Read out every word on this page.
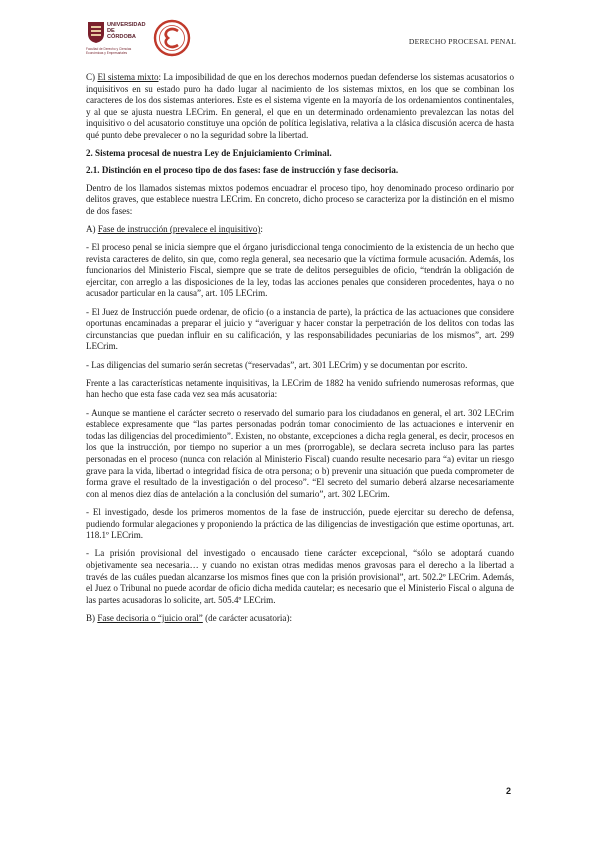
UNIVERSIDAD
DE
CÓRDOBA
Facultad de Derecho y Ciencias Económicas y Empresariales
DERECHO PROCESAL PENAL

C) El sistema mixto: La imposibilidad de que en los derechos modernos puedan defenderse los sistemas acusatorios o inquisitivos en su estado puro ha dado lugar al nacimiento de los sistemas mixtos, en los que se combinan los caracteres de los dos sistemas anteriores. Este es el sistema vigente en la mayoría de los ordenamientos continentales, y al que se ajusta nuestra LECrim. En general, el que en un determinado ordenamiento prevalezcan las notas del inquisitivo o del acusatorio constituye una opción de política legislativa, relativa a la clásica discusión acerca de hasta qué punto debe prevalecer o no la seguridad sobre la libertad.

2. Sistema procesal de nuestra Ley de Enjuiciamiento Criminal.

2.1. Distinción en el proceso tipo de dos fases: fase de instrucción y fase decisoria.

Dentro de los llamados sistemas mixtos podemos encuadrar el proceso tipo, hoy denominado proceso ordinario por delitos graves, que establece nuestra LECrim. En concreto, dicho proceso se caracteriza por la distinción en el mismo de dos fases:

A) Fase de instrucción (prevalece el inquisitivo):

- El proceso penal se inicia siempre que el órgano jurisdiccional tenga conocimiento de la existencia de un hecho que revista caracteres de delito, sin que, como regla general, sea necesario que la víctima formule acusación. Además, los funcionarios del Ministerio Fiscal, siempre que se trate de delitos perseguibles de oficio, “tendrán la obligación de ejercitar, con arreglo a las disposiciones de la ley, todas las acciones penales que consideren procedentes, haya o no acusador particular en la causa”, art. 105 LECrim.

- El Juez de Instrucción puede ordenar, de oficio (o a instancia de parte), la práctica de las actuaciones que considere oportunas encaminadas a preparar el juicio y “averiguar y hacer constar la perpetración de los delitos con todas las circunstancias que puedan influir en su calificación, y las responsabilidades pecuniarias de los mismos”, art. 299 LECrim.

- Las diligencias del sumario serán secretas (“reservadas”, art. 301 LECrim) y se documentan por escrito.

Frente a las características netamente inquisitivas, la LECrim de 1882 ha venido sufriendo numerosas reformas, que han hecho que esta fase cada vez sea más acusatoria:

- Aunque se mantiene el carácter secreto o reservado del sumario para los ciudadanos en general, el art. 302 LECrim establece expresamente que “las partes personadas podrán tomar conocimiento de las actuaciones e intervenir en todas las diligencias del procedimiento”. Existen, no obstante, excepciones a dicha regla general, es decir, procesos en los que la instrucción, por tiempo no superior a un mes (prorrogable), se declara secreta incluso para las partes personadas en el proceso (nunca con relación al Ministerio Fiscal) cuando resulte necesario para “a) evitar un riesgo grave para la vida, libertad o integridad física de otra persona; o b) prevenir una situación que pueda comprometer de forma grave el resultado de la investigación o del proceso”. “El secreto del sumario deberá alzarse necesariamente con al menos diez días de antelación a la conclusión del sumario”, art. 302 LECrim.

- El investigado, desde los primeros momentos de la fase de instrucción, puede ejercitar su derecho de defensa, pudiendo formular alegaciones y proponiendo la práctica de las diligencias de investigación que estime oportunas, art. 118.1º LECrim.

- La prisión provisional del investigado o encausado tiene carácter excepcional, “sólo se adoptará cuando objetivamente sea necesaria… y cuando no existan otras medidas menos gravosas para el derecho a la libertad a través de las cuáles puedan alcanzarse los mismos fines que con la prisión provisional”, art. 502.2º LECrim. Además, el Juez o Tribunal no puede acordar de oficio dicha medida cautelar; es necesario que el Ministerio Fiscal o alguna de las partes acusadoras lo solicite, art. 505.4º LECrim.

B) Fase decisoria o “juicio oral” (de carácter acusatoria):

2
